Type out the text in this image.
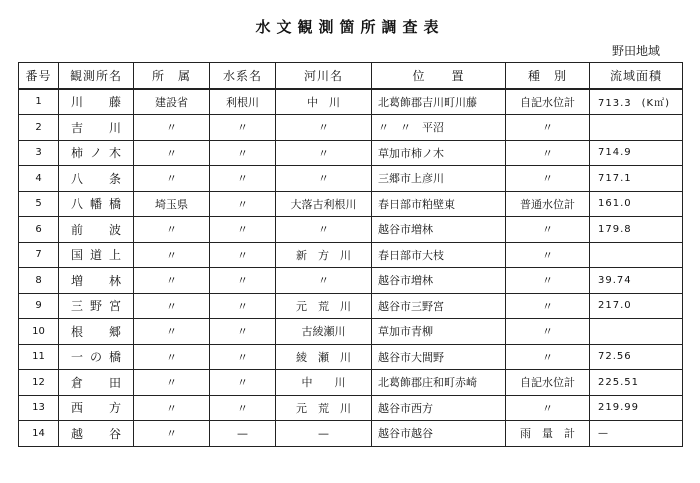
水文観測箇所調査表
野田地域
番号	観測所名	所　属	水系名	河川名	位　　置	種　別	流域面積
1	川　藤	建設省	利根川	中　川	北葛飾郡吉川町川藤	自記水位計	713.3 (K㎡)
2	吉　川	〃	〃	〃	〃　〃　平沼	〃	
3	柿ノ木	〃	〃	〃	草加市柿ノ木	〃	714.9
4	八　条	〃	〃	〃	三郷市上彦川	〃	717.1
5	八幡橋	埼玉県	〃	大落古利根川	春日部市粕壁東	普通水位計	161.0
6	前　波	〃	〃	〃	越谷市増林	〃	179.8
7	国道上	〃	〃	新　方　川	春日部市大枝	〃	
8	増　林	〃	〃	〃	越谷市増林	〃	39.74
9	三野宮	〃	〃	元　荒　川	越谷市三野宮	〃	217.0
10	根　郷	〃	〃	古綾瀬川	草加市青柳	〃	
11	一の橋	〃	〃	綾　瀬　川	越谷市大間野	〃	72.56
12	倉　田	〃	〃	中　　川	北葛飾郡庄和町赤崎	自記水位計	225.51
13	西　方	〃	〃	元　荒　川	越谷市西方	〃	219.99
14	越　谷	〃	—	—	越谷市越谷	雨　量　計	—
